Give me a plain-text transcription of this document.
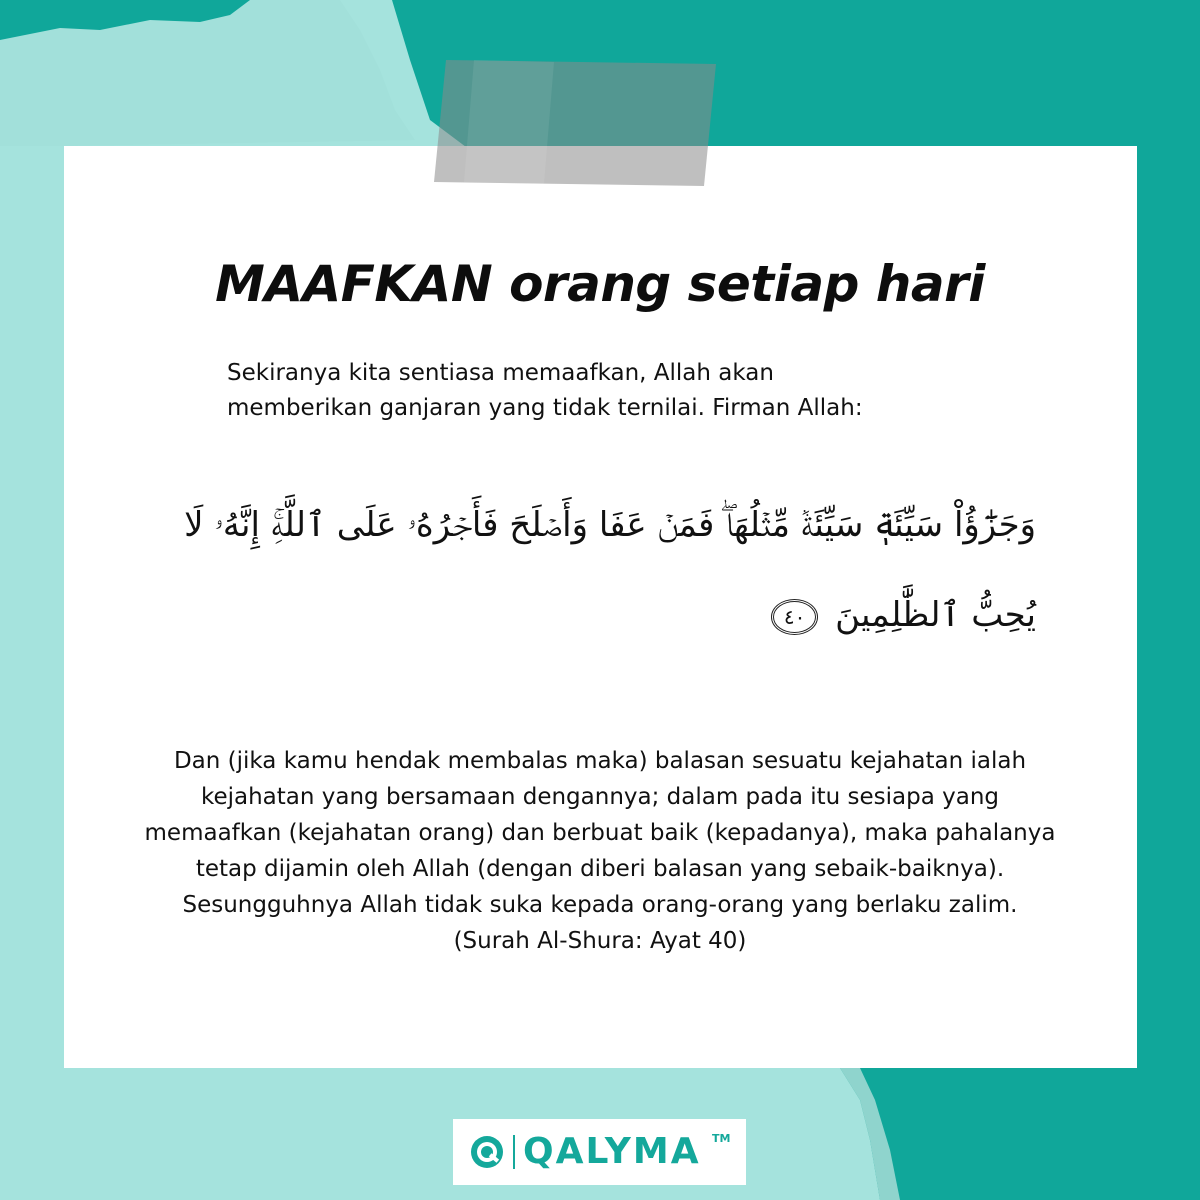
MAAFKAN orang setiap hari

Sekiranya kita sentiasa memaafkan, Allah akan
memberikan ganjaran yang tidak ternilai. Firman Allah:

وَجَزَٰٓؤُاْ سَيِّئَةٖ سَيِّئَةٞ مِّثۡلُهَاۖ فَمَنۡ عَفَا وَأَصۡلَحَ فَأَجۡرُهُۥ عَلَى ٱللَّهِۚ إِنَّهُۥ لَا يُحِبُّ ٱلظَّٰلِمِينَ ٤٠

Dan (jika kamu hendak membalas maka) balasan sesuatu kejahatan ialah
kejahatan yang bersamaan dengannya; dalam pada itu sesiapa yang
memaafkan (kejahatan orang) dan berbuat baik (kepadanya), maka pahalanya
tetap dijamin oleh Allah (dengan diberi balasan yang sebaik-baiknya).
Sesungguhnya Allah tidak suka kepada orang-orang yang berlaku zalim.
(Surah Al-Shura: Ayat 40)

QALYMA TM
